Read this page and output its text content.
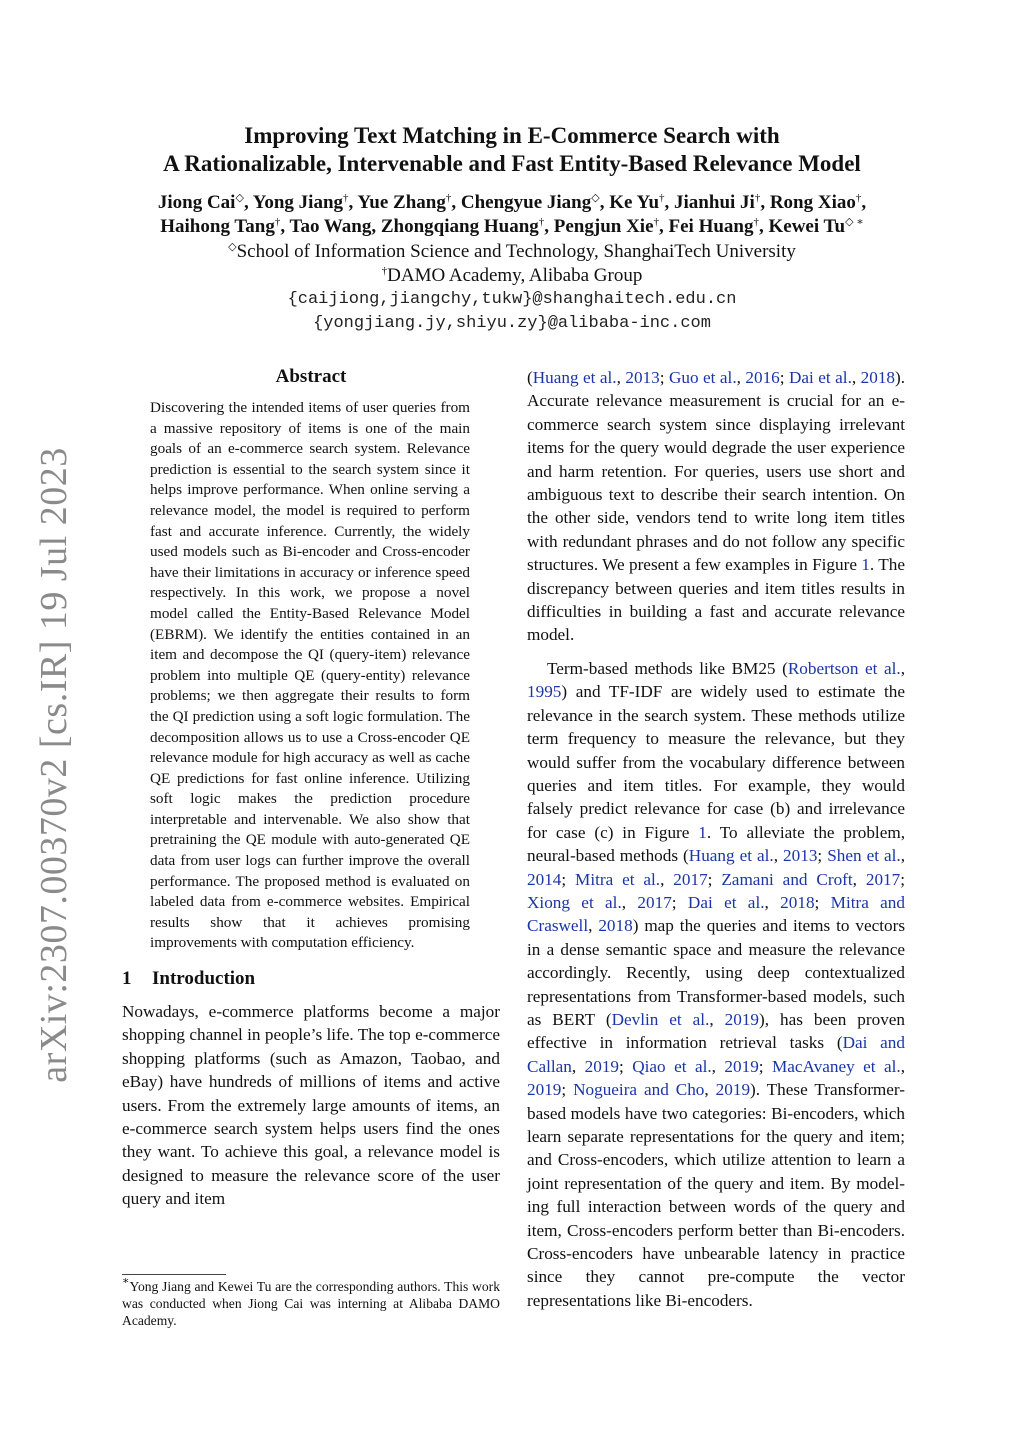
arXiv:2307.00370v2 [cs.IR] 19 Jul 2023
Improving Text Matching in E-Commerce Search with
A Rationalizable, Intervenable and Fast Entity-Based Relevance Model
Jiong Cai◇, Yong Jiang†, Yue Zhang†, Chengyue Jiang◇, Ke Yu†, Jianhui Ji†, Rong Xiao†,
Haihong Tang†, Tao Wang, Zhongqiang Huang†, Pengjun Xie†, Fei Huang†, Kewei Tu◇ ∗
◇School of Information Science and Technology, ShanghaiTech University
†DAMO Academy, Alibaba Group
{caijiong,jiangchy,tukw}@shanghaitech.edu.cn
{yongjiang.jy,shiyu.zy}@alibaba-inc.com
Abstract
Discovering the intended items of user queries from a massive repository of items is one of the main goals of an e-commerce search system. Relevance prediction is essential to the search system since it helps improve performance. When online serving a relevance model, the model is required to perform fast and accurate inference. Currently, the widely used models such as Bi-encoder and Cross-encoder have their limitations in accuracy or inference speed respectively. In this work, we propose a novel model called the Entity-Based Relevance Model (EBRM). We identify the entities contained in an item and decompose the QI (query-item) relevance problem into multiple QE (query-entity) relevance problems; we then aggregate their results to form the QI prediction using a soft logic formulation. The decomposition allows us to use a Cross-encoder QE relevance module for high accuracy as well as cache QE predictions for fast online inference. Utilizing soft logic makes the prediction procedure interpretable and intervenable. We also show that pretraining the QE module with auto-generated QE data from user logs can further improve the overall performance. The proposed method is evaluated on labeled data from e-commerce websites. Empirical results show that it achieves promising improvements with computation efficiency.
1 Introduction

Nowadays, e-commerce platforms become a major shopping channel in people’s life. The top e-commerce shopping platforms (such as Amazon, Taobao, and eBay) have hundreds of millions of items and active users. From the extremely large amounts of items, an e-commerce search system helps users find the ones they want. To achieve this goal, a relevance model is designed to measure the relevance score of the user query and item

∗Yong Jiang and Kewei Tu are the corresponding authors. This work was conducted when Jiong Cai was interning at Alibaba DAMO Academy.

(Huang et al., 2013; Guo et al., 2016; Dai et al., 2018). Accurate relevance measurement is crucial for an e-commerce search system since displaying irrelevant items for the query would degrade the user experience and harm retention. For queries, users use short and ambiguous text to describe their search intention. On the other side, vendors tend to write long item titles with redundant phrases and do not follow any specific structures. We present a few examples in Figure 1. The discrepancy between queries and item titles results in difficulties in building a fast and accurate relevance model.

Term-based methods like BM25 (Robertson et al., 1995) and TF-IDF are widely used to estimate the relevance in the search system. These methods utilize term frequency to measure the relevance, but they would suffer from the vocabulary difference between queries and item titles. For example, they would falsely predict relevance for case (b) and irrelevance for case (c) in Figure 1. To alleviate the problem, neural-based methods (Huang et al., 2013; Shen et al., 2014; Mitra et al., 2017; Zamani and Croft, 2017; Xiong et al., 2017; Dai et al., 2018; Mitra and Craswell, 2018) map the queries and items to vectors in a dense semantic space and measure the relevance accordingly. Recently, using deep contextualized representations from Transformer-based models, such as BERT (Devlin et al., 2019), has been proven effective in information retrieval tasks (Dai and Callan, 2019; Qiao et al., 2019; MacAvaney et al., 2019; Nogueira and Cho, 2019). These Transformer-based models have two categories: Bi-encoders, which learn separate representations for the query and item; and Cross-encoders, which utilize attention to learn a joint representation of the query and item. By modeling full interaction between words of the query and item, Cross-encoders perform better than Bi-encoders. Cross-encoders have unbearable latency in practice since they cannot pre-compute the vector representations like Bi-encoders.
